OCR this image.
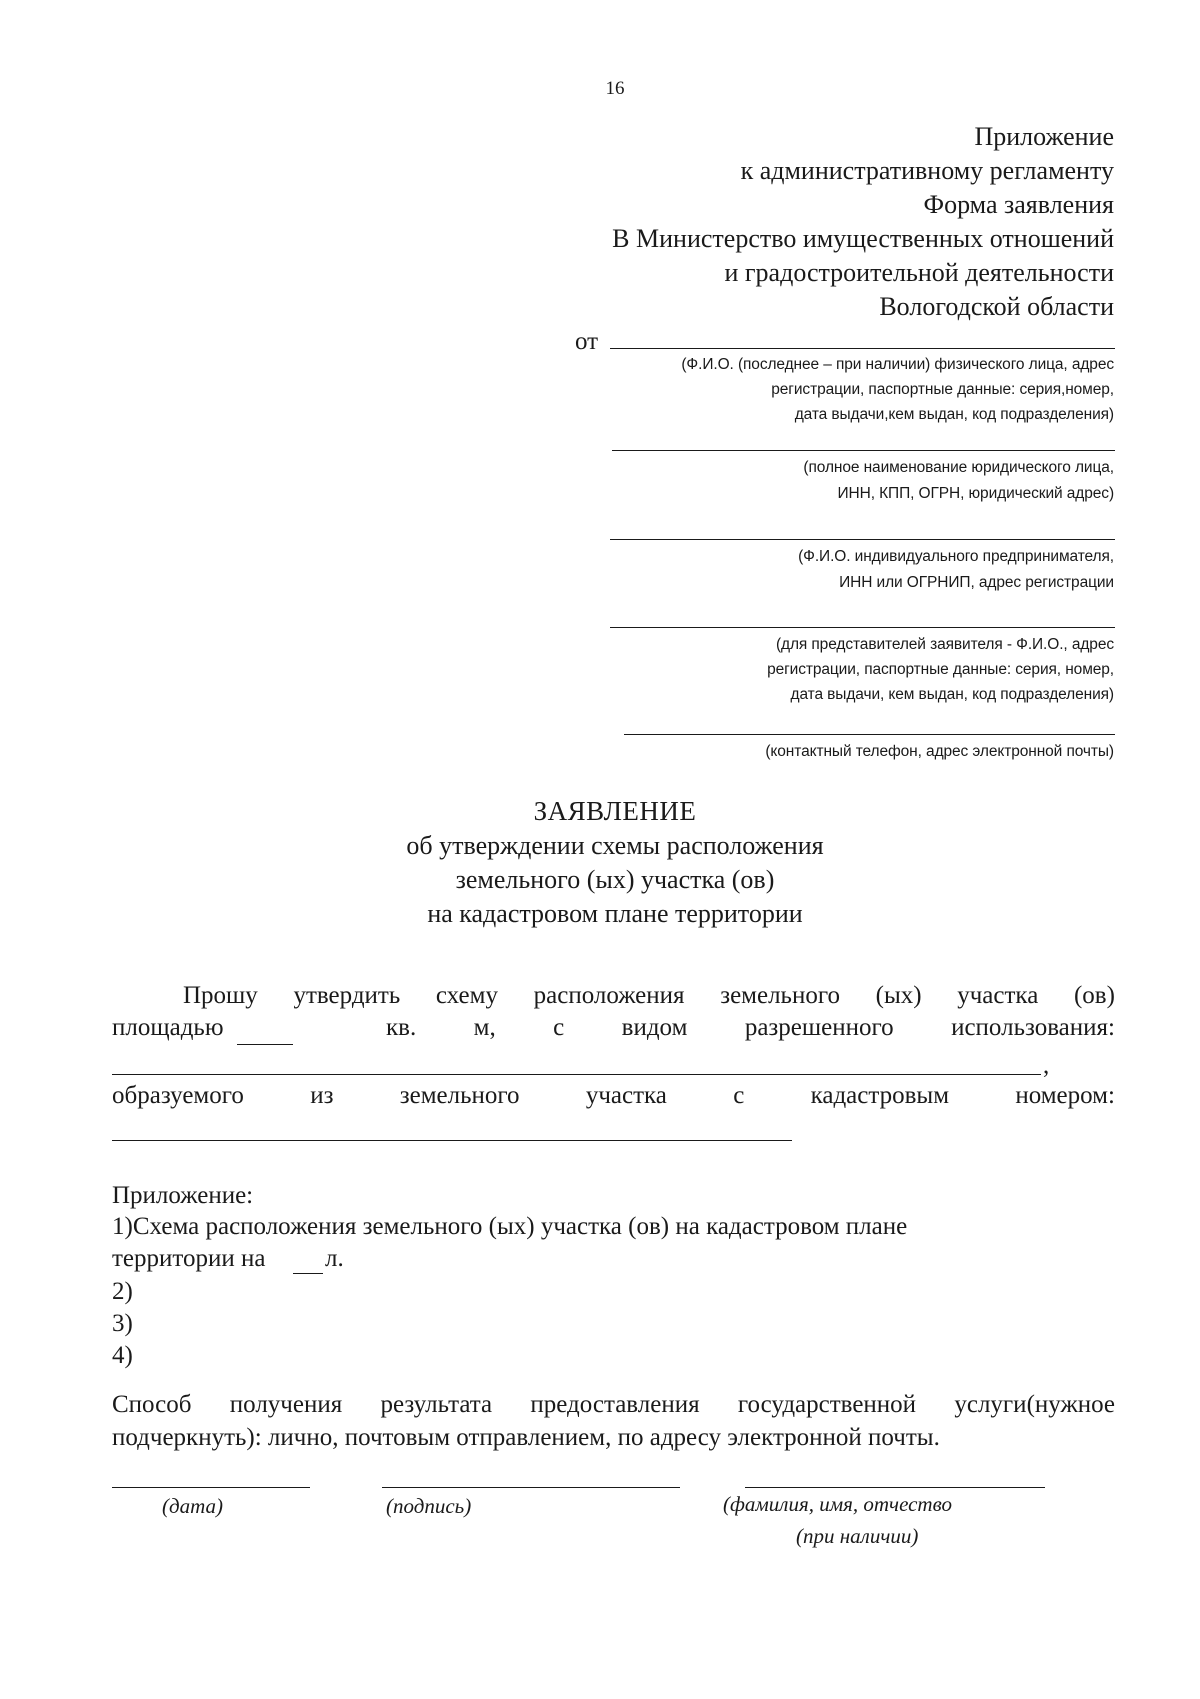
16
Приложение
к административному регламенту
Форма заявления
В Министерство имущественных отношений
и градостроительной деятельности
Вологодской области
от
(Ф.И.О. (последнее – при наличии) физического лица, адрес
регистрации, паспортные данные: серия,номер,
дата выдачи,кем выдан, код подразделения)
(полное наименование юридического лица,
ИНН, КПП, ОГРН, юридический адрес)
(Ф.И.О. индивидуального предпринимателя,
ИНН или ОГРНИП, адрес регистрации
(для представителей заявителя - Ф.И.О., адрес
регистрации, паспортные данные: серия, номер,
дата выдачи, кем выдан, код подразделения)
(контактный телефон, адрес электронной почты)
ЗАЯВЛЕНИЕ
об утверждении схемы расположения
земельного (ых) участка (ов)
на кадастровом плане территории
Прошу утвердить схему расположения земельного (ых) участка (ов)
площадью	кв. м, с видом разрешенного использования:
,
образуемого	из	земельного	участка	с	кадастровым	номером:
Приложение:
1)Схема расположения земельного (ых) участка (ов) на кадастровом плане
территории на л.
2)
3)
4)
Способ получения результата предоставления государственной услуги(нужное
подчеркнуть): лично, почтовым отправлением, по адресу электронной почты.
(дата)	(подпись)	(фамилия, имя, отчество
(при наличии)
